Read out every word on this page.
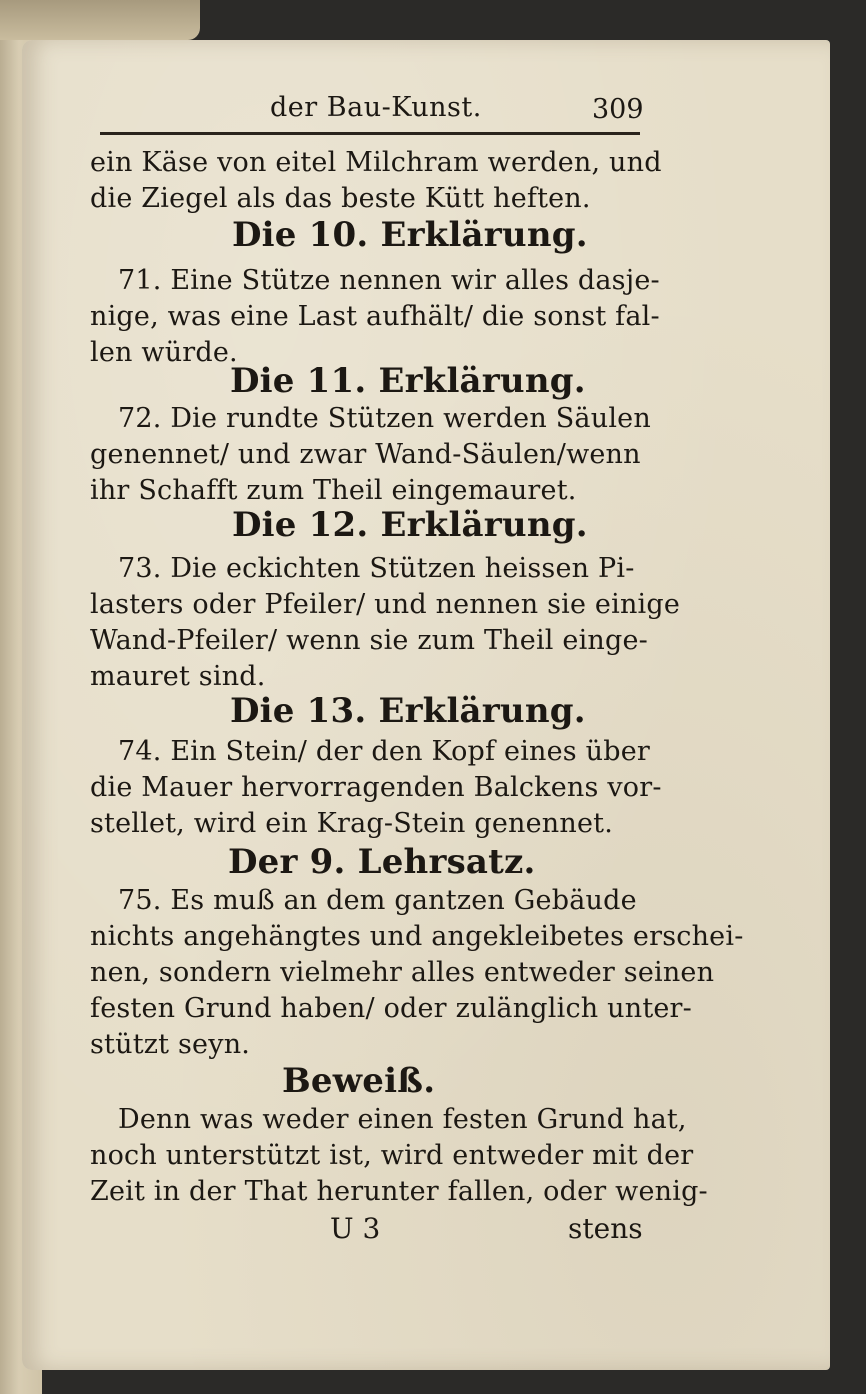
der Bau-Kunst.	309
ein Käse von eitel Milchram werden, und
die Ziegel als das beste Kütt heften.
Die 10. Erklärung.
71. Eine Stütze nennen wir alles dasje-
nige, was eine Last aufhält/ die sonst fal-
len würde.
Die 11. Erklärung.
72. Die rundte Stützen werden Säulen
genennet/ und zwar Wand-Säulen/wenn
ihr Schafft zum Theil eingemauret.
Die 12. Erklärung.
73. Die eckichten Stützen heissen Pi-
lasters oder Pfeiler/ und nennen sie einige
Wand-Pfeiler/ wenn sie zum Theil einge-
mauret sind.
Die 13. Erklärung.
74. Ein Stein/ der den Kopf eines über
die Mauer hervorragenden Balckens vor-
stellet, wird ein Krag-Stein genennet.
Der 9. Lehrsatz.
75. Es muß an dem gantzen Gebäude
nichts angehängtes und angekleibetes erschei-
nen, sondern vielmehr alles entweder seinen
festen Grund haben/ oder zulänglich unter-
stützt seyn.
Beweiß.
Denn was weder einen festen Grund hat,
noch unterstützt ist, wird entweder mit der
Zeit in der That herunter fallen, oder wenig-
U 3	stens
